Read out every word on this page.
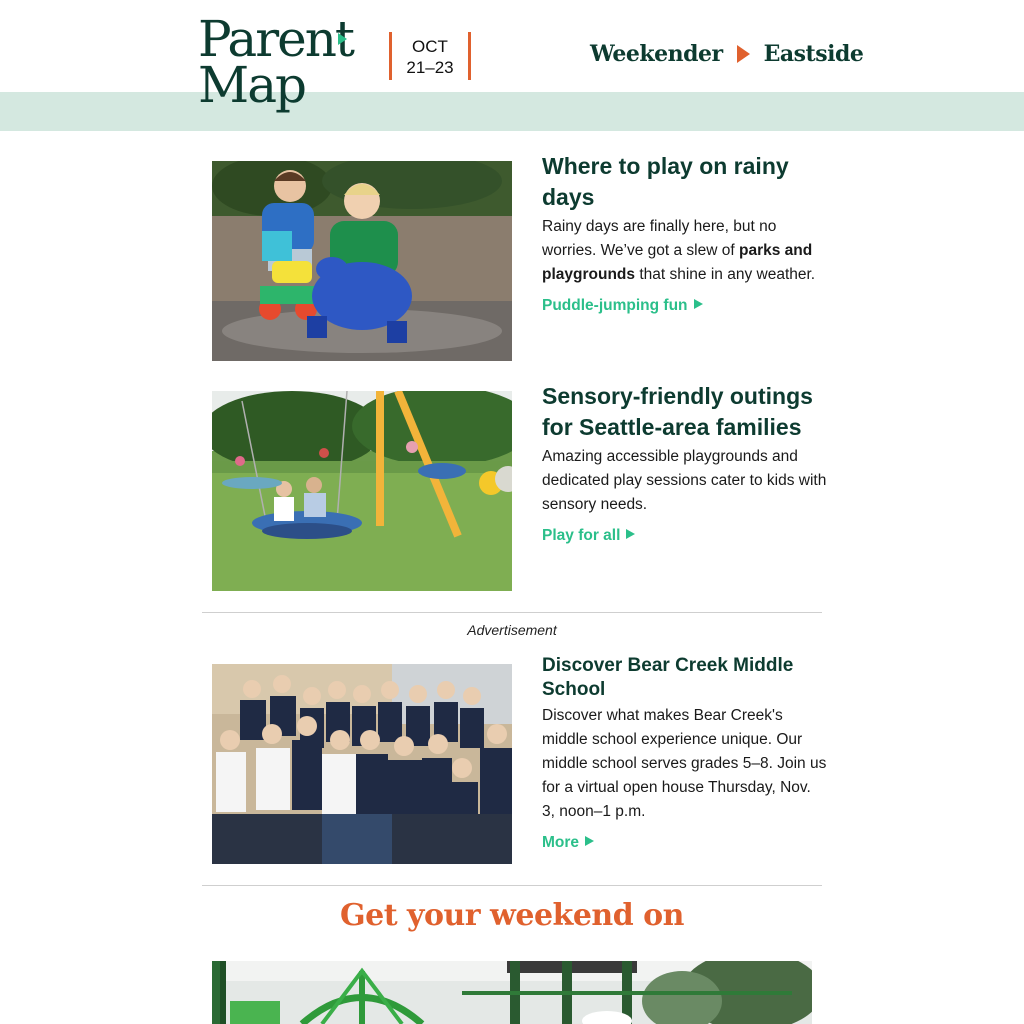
Parent
Map
OCT
21–23
Weekender Eastside
Where to play on rainy days

Rainy days are finally here, but no worries. We’ve got a slew of parks and playgrounds that shine in any weather.

Puddle-jumping fun
Sensory-friendly outings for Seattle-area families

Amazing accessible playgrounds and dedicated play sessions cater to kids with sensory needs.

Play for all
Advertisement
Discover Bear Creek Middle School

Discover what makes Bear Creek's middle school experience unique. Our middle school serves grades 5–8. Join us for a virtual open house Thursday, Nov. 3, noon–1 p.m.

More
Get your weekend on
